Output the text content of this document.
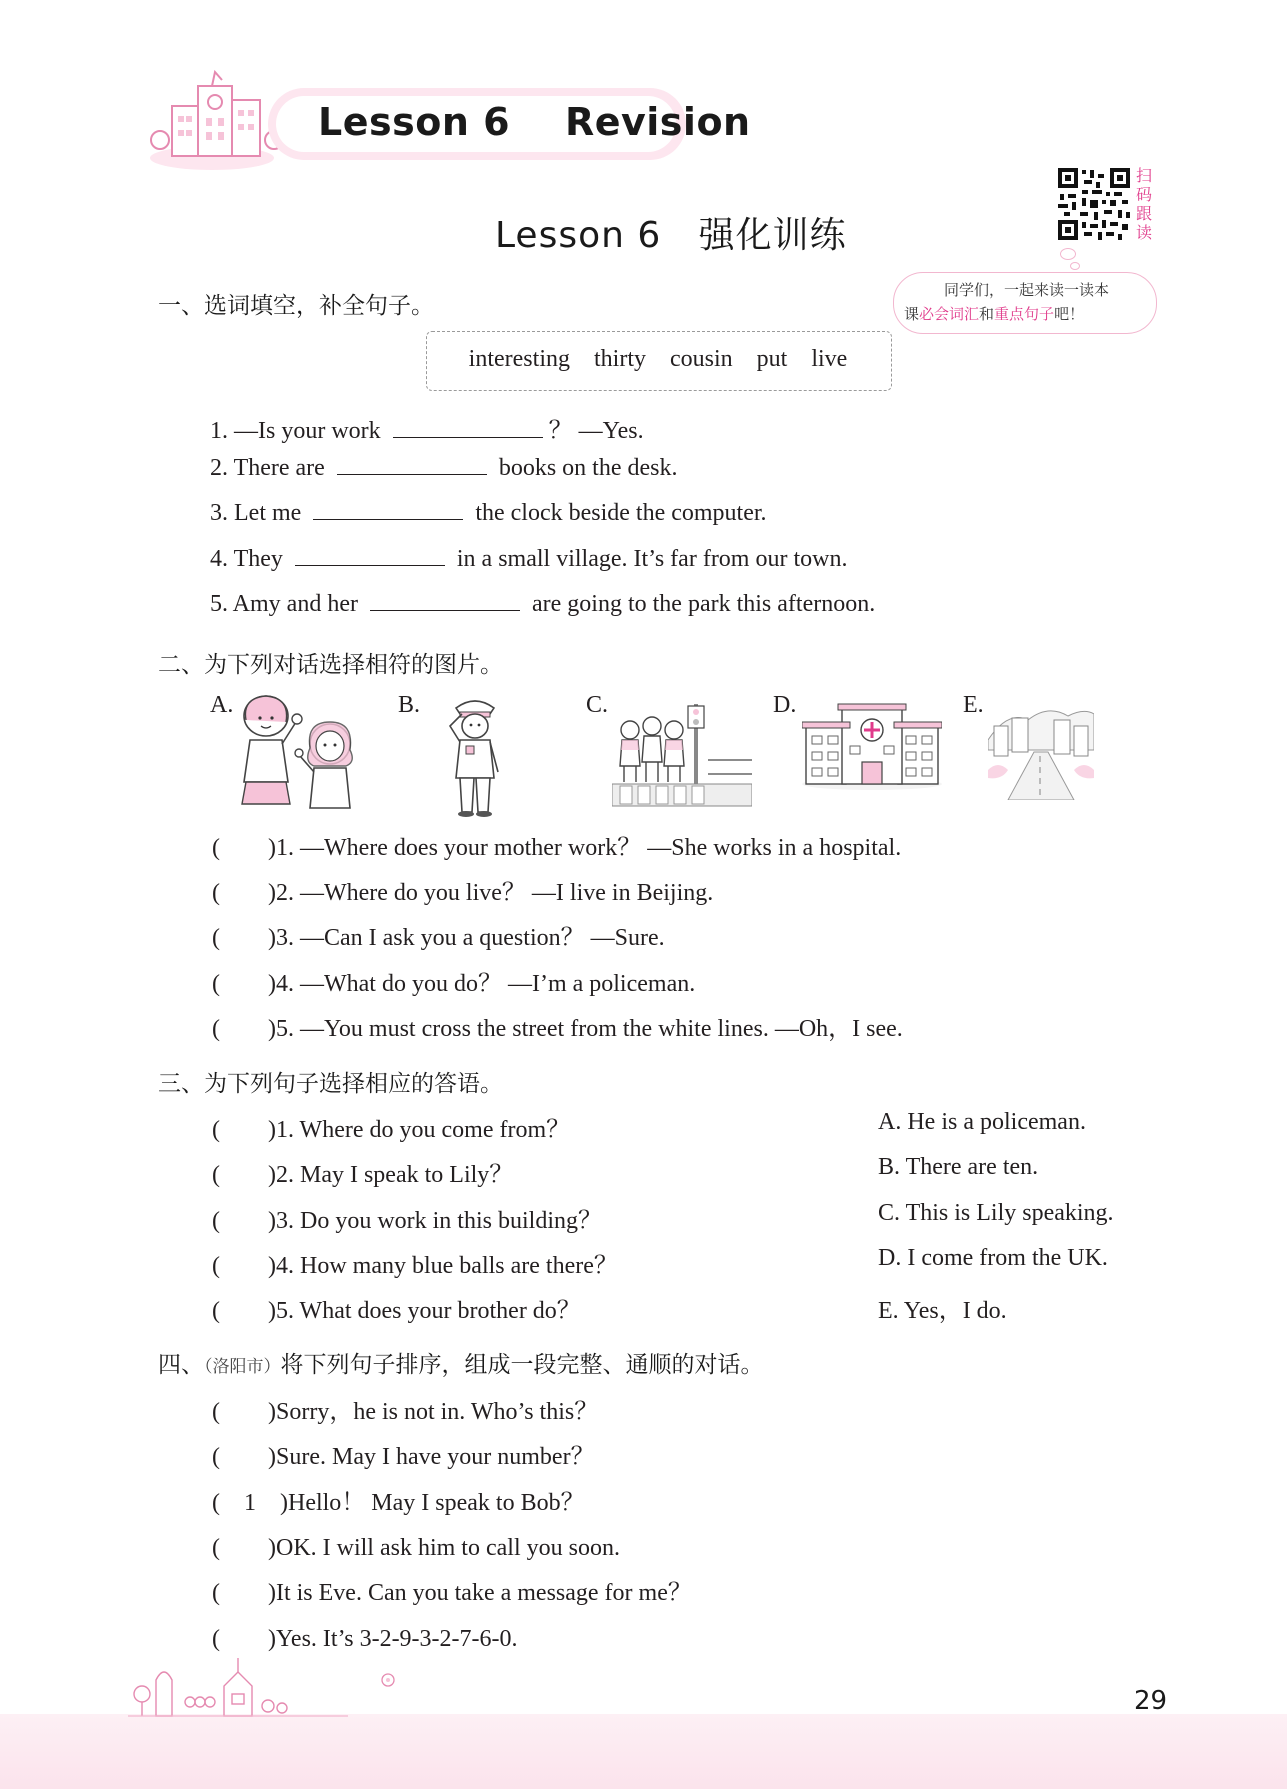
Lesson 6    Revision
Lesson 6   强化训练
扫
码
跟
读
同学们，一起来读一读本
课必会词汇和重点句子吧！
一、选词填空，补全句子。
interesting thirty cousin put live
1. —Is your work	？ —Yes.
2. There are	books on the desk.
3. Let me	the clock beside the computer.
4. They	in a small village. It’s far from our town.
5. Amy and her	are going to the park this afternoon.
二、为下列对话选择相符的图片。
A.	B.	C.	D.	E.
(　　)1. —Where does your mother work？ —She works in a hospital.
(　　)2. —Where do you live？ —I live in Beijing.
(　　)3. —Can I ask you a question？ —Sure.
(　　)4. —What do you do？ —I’m a policeman.
(　　)5. —You must cross the street from the white lines. —Oh，I see.
三、为下列句子选择相应的答语。
(　　)1. Where do you come from？
(　　)2. May I speak to Lily？
(　　)3. Do you work in this building？
(　　)4. How many blue balls are there？
(　　)5. What does your brother do？
A. He is a policeman.
B. There are ten.
C. This is Lily speaking.
D. I come from the UK.
E. Yes，I do.
四、（洛阳市）将下列句子排序，组成一段完整、通顺的对话。
(　　)Sorry，he is not in. Who’s this？
(　　)Sure. May I have your number？
(　1　)Hello！ May I speak to Bob？
(　　)OK. I will ask him to call you soon.
(　　)It is Eve. Can you take a message for me？
(　　)Yes. It’s 3-2-9-3-2-7-6-0.
29
